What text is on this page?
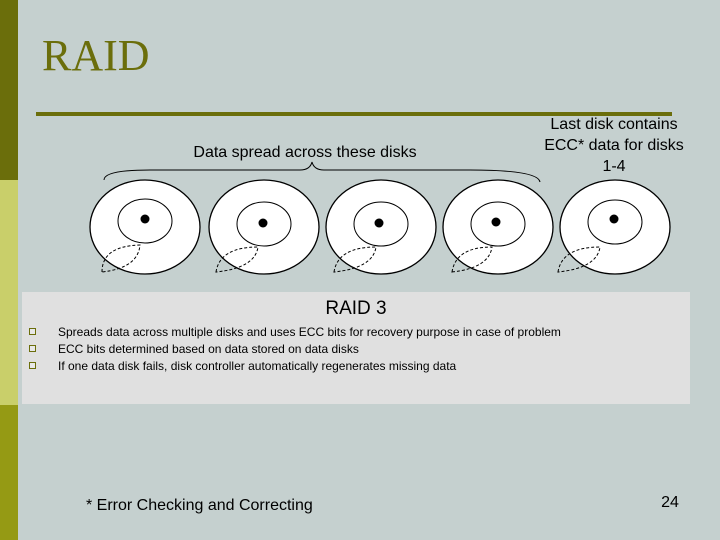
RAID
Data spread across these disks
Last disk contains ECC* data for disks 1-4
RAID 3
Spreads data across multiple disks and uses ECC bits for recovery purpose in case of problem
ECC bits determined based on data stored on data disks
If one data disk fails, disk controller automatically regenerates missing data
* Error Checking and Correcting	24
